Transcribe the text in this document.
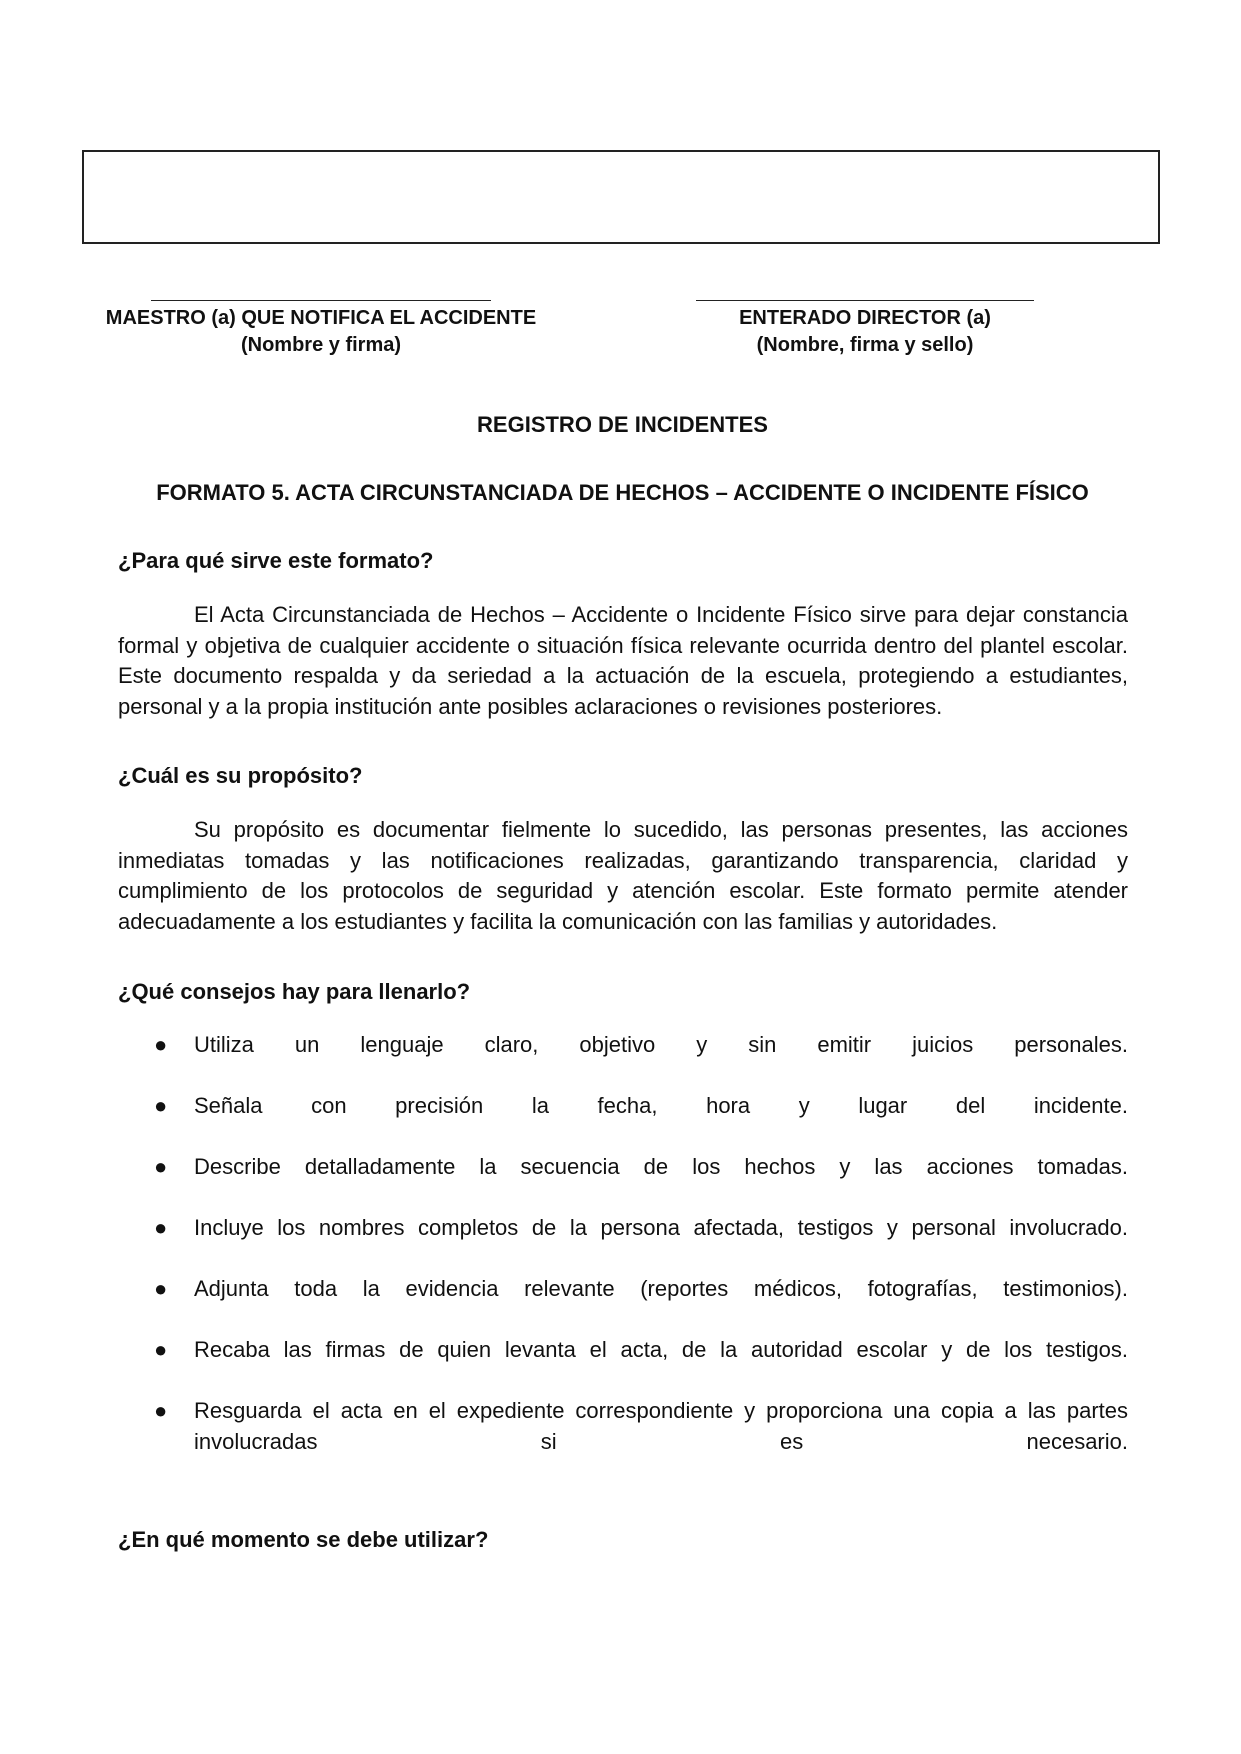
MAESTRO (a) QUE NOTIFICA EL ACCIDENTE
(Nombre y firma)
ENTERADO DIRECTOR (a)
(Nombre, firma y sello)
REGISTRO DE INCIDENTES
FORMATO 5. ACTA CIRCUNSTANCIADA DE HECHOS – ACCIDENTE O INCIDENTE FÍSICO
¿Para qué sirve este formato?

El Acta Circunstanciada de Hechos – Accidente o Incidente Físico sirve para dejar constancia formal y objetiva de cualquier accidente o situación física relevante ocurrida dentro del plantel escolar. Este documento respalda y da seriedad a la actuación de la escuela, protegiendo a estudiantes, personal y a la propia institución ante posibles aclaraciones o revisiones posteriores.

¿Cuál es su propósito?

Su propósito es documentar fielmente lo sucedido, las personas presentes, las acciones inmediatas tomadas y las notificaciones realizadas, garantizando transparencia, claridad y cumplimiento de los protocolos de seguridad y atención escolar. Este formato permite atender adecuadamente a los estudiantes y facilita la comunicación con las familias y autoridades.

¿Qué consejos hay para llenarlo?
● Utiliza un lenguaje claro, objetivo y sin emitir juicios personales.
● Señala con precisión la fecha, hora y lugar del incidente.
● Describe detalladamente la secuencia de los hechos y las acciones tomadas.
● Incluye los nombres completos de la persona afectada, testigos y personal involucrado.
● Adjunta toda la evidencia relevante (reportes médicos, fotografías, testimonios).
● Recaba las firmas de quien levanta el acta, de la autoridad escolar y de los testigos.
● Resguarda el acta en el expediente correspondiente y proporciona una copia a las partes involucradas si es necesario.
¿En qué momento se debe utilizar?
